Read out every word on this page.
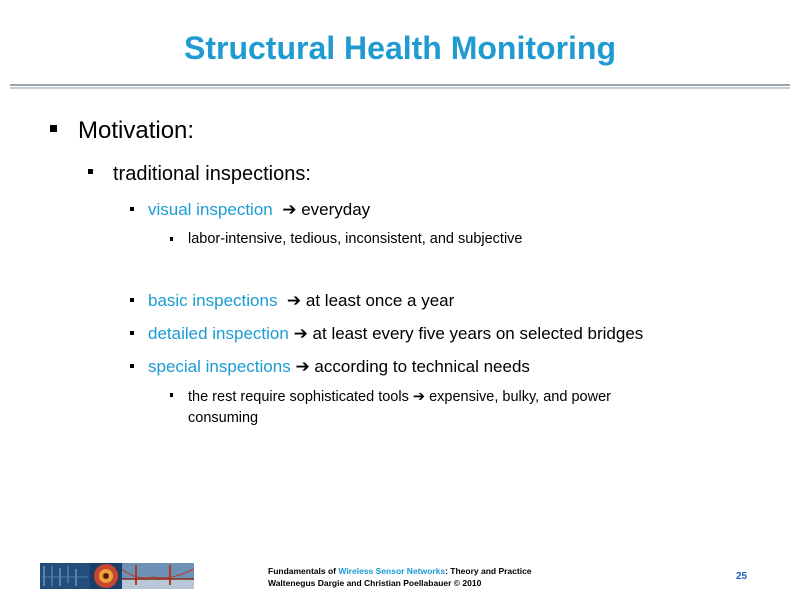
Structural Health Monitoring
Motivation:
traditional inspections:
visual inspection ➔ everyday
labor-intensive, tedious, inconsistent, and subjective
basic inspections ➔ at least once a year
detailed inspection ➔ at least every five years on selected bridges
special inspections ➔ according to technical needs
the rest require sophisticated tools ➔ expensive, bulky, and power
consuming
Fundamentals of Wireless Sensor Networks: Theory and Practice
Waltenegus Dargie and Christian Poellabauer © 2010
25
